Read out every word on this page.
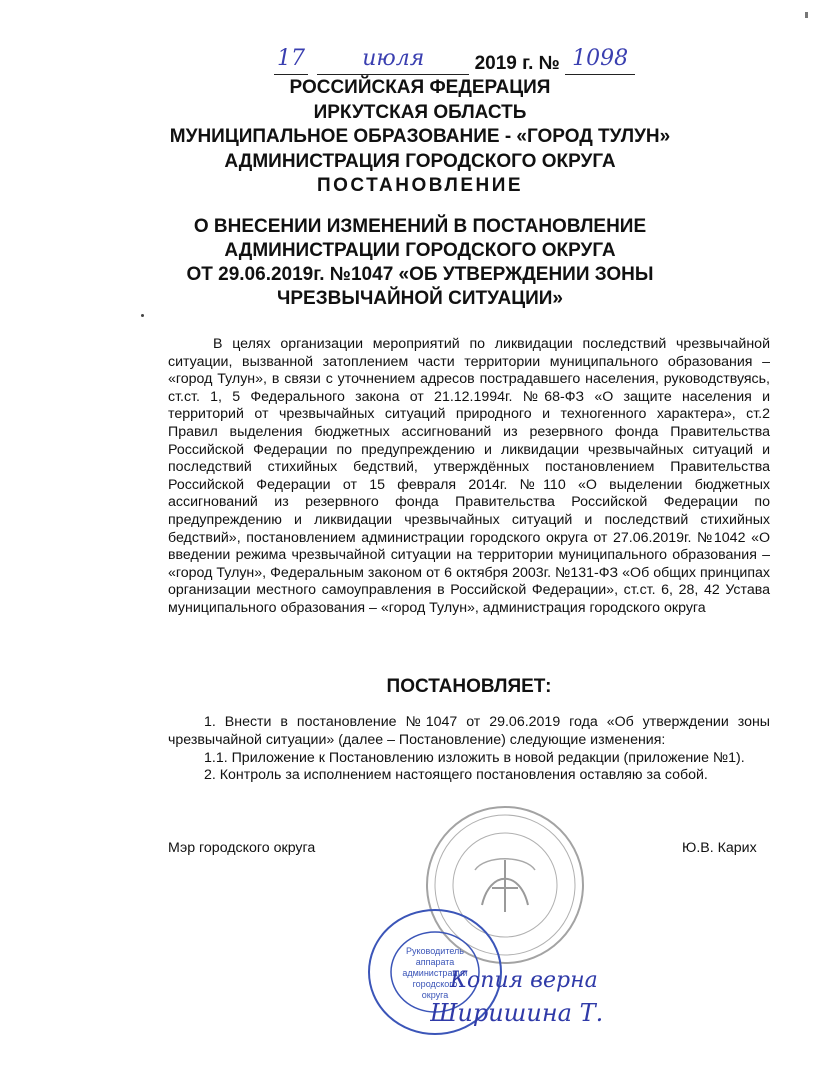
17
	июля	2019 г. № 1098
РОССИЙСКАЯ ФЕДЕРАЦИЯ
ИРКУТСКАЯ ОБЛАСТЬ
МУНИЦИПАЛЬНОЕ ОБРАЗОВАНИЕ - «ГОРОД ТУЛУН»
АДМИНИСТРАЦИЯ ГОРОДСКОГО ОКРУГА
ПОСТАНОВЛЕНИЕ
О ВНЕСЕНИИ ИЗМЕНЕНИЙ В ПОСТАНОВЛЕНИЕ
АДМИНИСТРАЦИИ ГОРОДСКОГО ОКРУГА
ОТ 29.06.2019г. №1047 «ОБ УТВЕРЖДЕНИИ ЗОНЫ
ЧРЕЗВЫЧАЙНОЙ СИТУАЦИИ»

В целях организации мероприятий по ликвидации последствий чрезвычайной ситуации, вызванной затоплением части территории муниципального образования – «город Тулун», в связи с уточнением адресов пострадавшего населения, руководствуясь, ст.ст. 1, 5 Федерального закона от 21.12.1994г. №68-ФЗ «О защите населения и территорий от чрезвычайных ситуаций природного и техногенного характера», ст.2 Правил выделения бюджетных ассигнований из резервного фонда Правительства Российской Федерации по предупреждению и ликвидации чрезвычайных ситуаций и последствий стихийных бедствий, утверждённых постановлением Правительства Российской Федерации от 15 февраля 2014г. №110 «О выделении бюджетных ассигнований из резервного фонда Правительства Российской Федерации по предупреждению и ликвидации чрезвычайных ситуаций и последствий стихийных бедствий», постановлением администрации городского округа от 27.06.2019г. №1042 «О введении режима чрезвычайной ситуации на территории муниципального образования – «город Тулун», Федеральным законом от 6 октября 2003г. №131-ФЗ «Об общих принципах организации местного самоуправления в Российской Федерации», ст.ст. 6, 28, 42 Устава муниципального образования – «город Тулун», администрация городского округа

ПОСТАНОВЛЯЕТ:

1. Внести в постановление №1047 от 29.06.2019 года «Об утверждении зоны чрезвычайной ситуации» (далее – Постановление) следующие изменения:

1.1. Приложение к Постановлению изложить в новой редакции (приложение №1).

2. Контроль за исполнением настоящего постановления оставляю за собой.

Мэр городского округа	Ю.В. Карих
Руководитель
аппарата
администрации
городского
округа
Копия верна
Ширишина Т.
